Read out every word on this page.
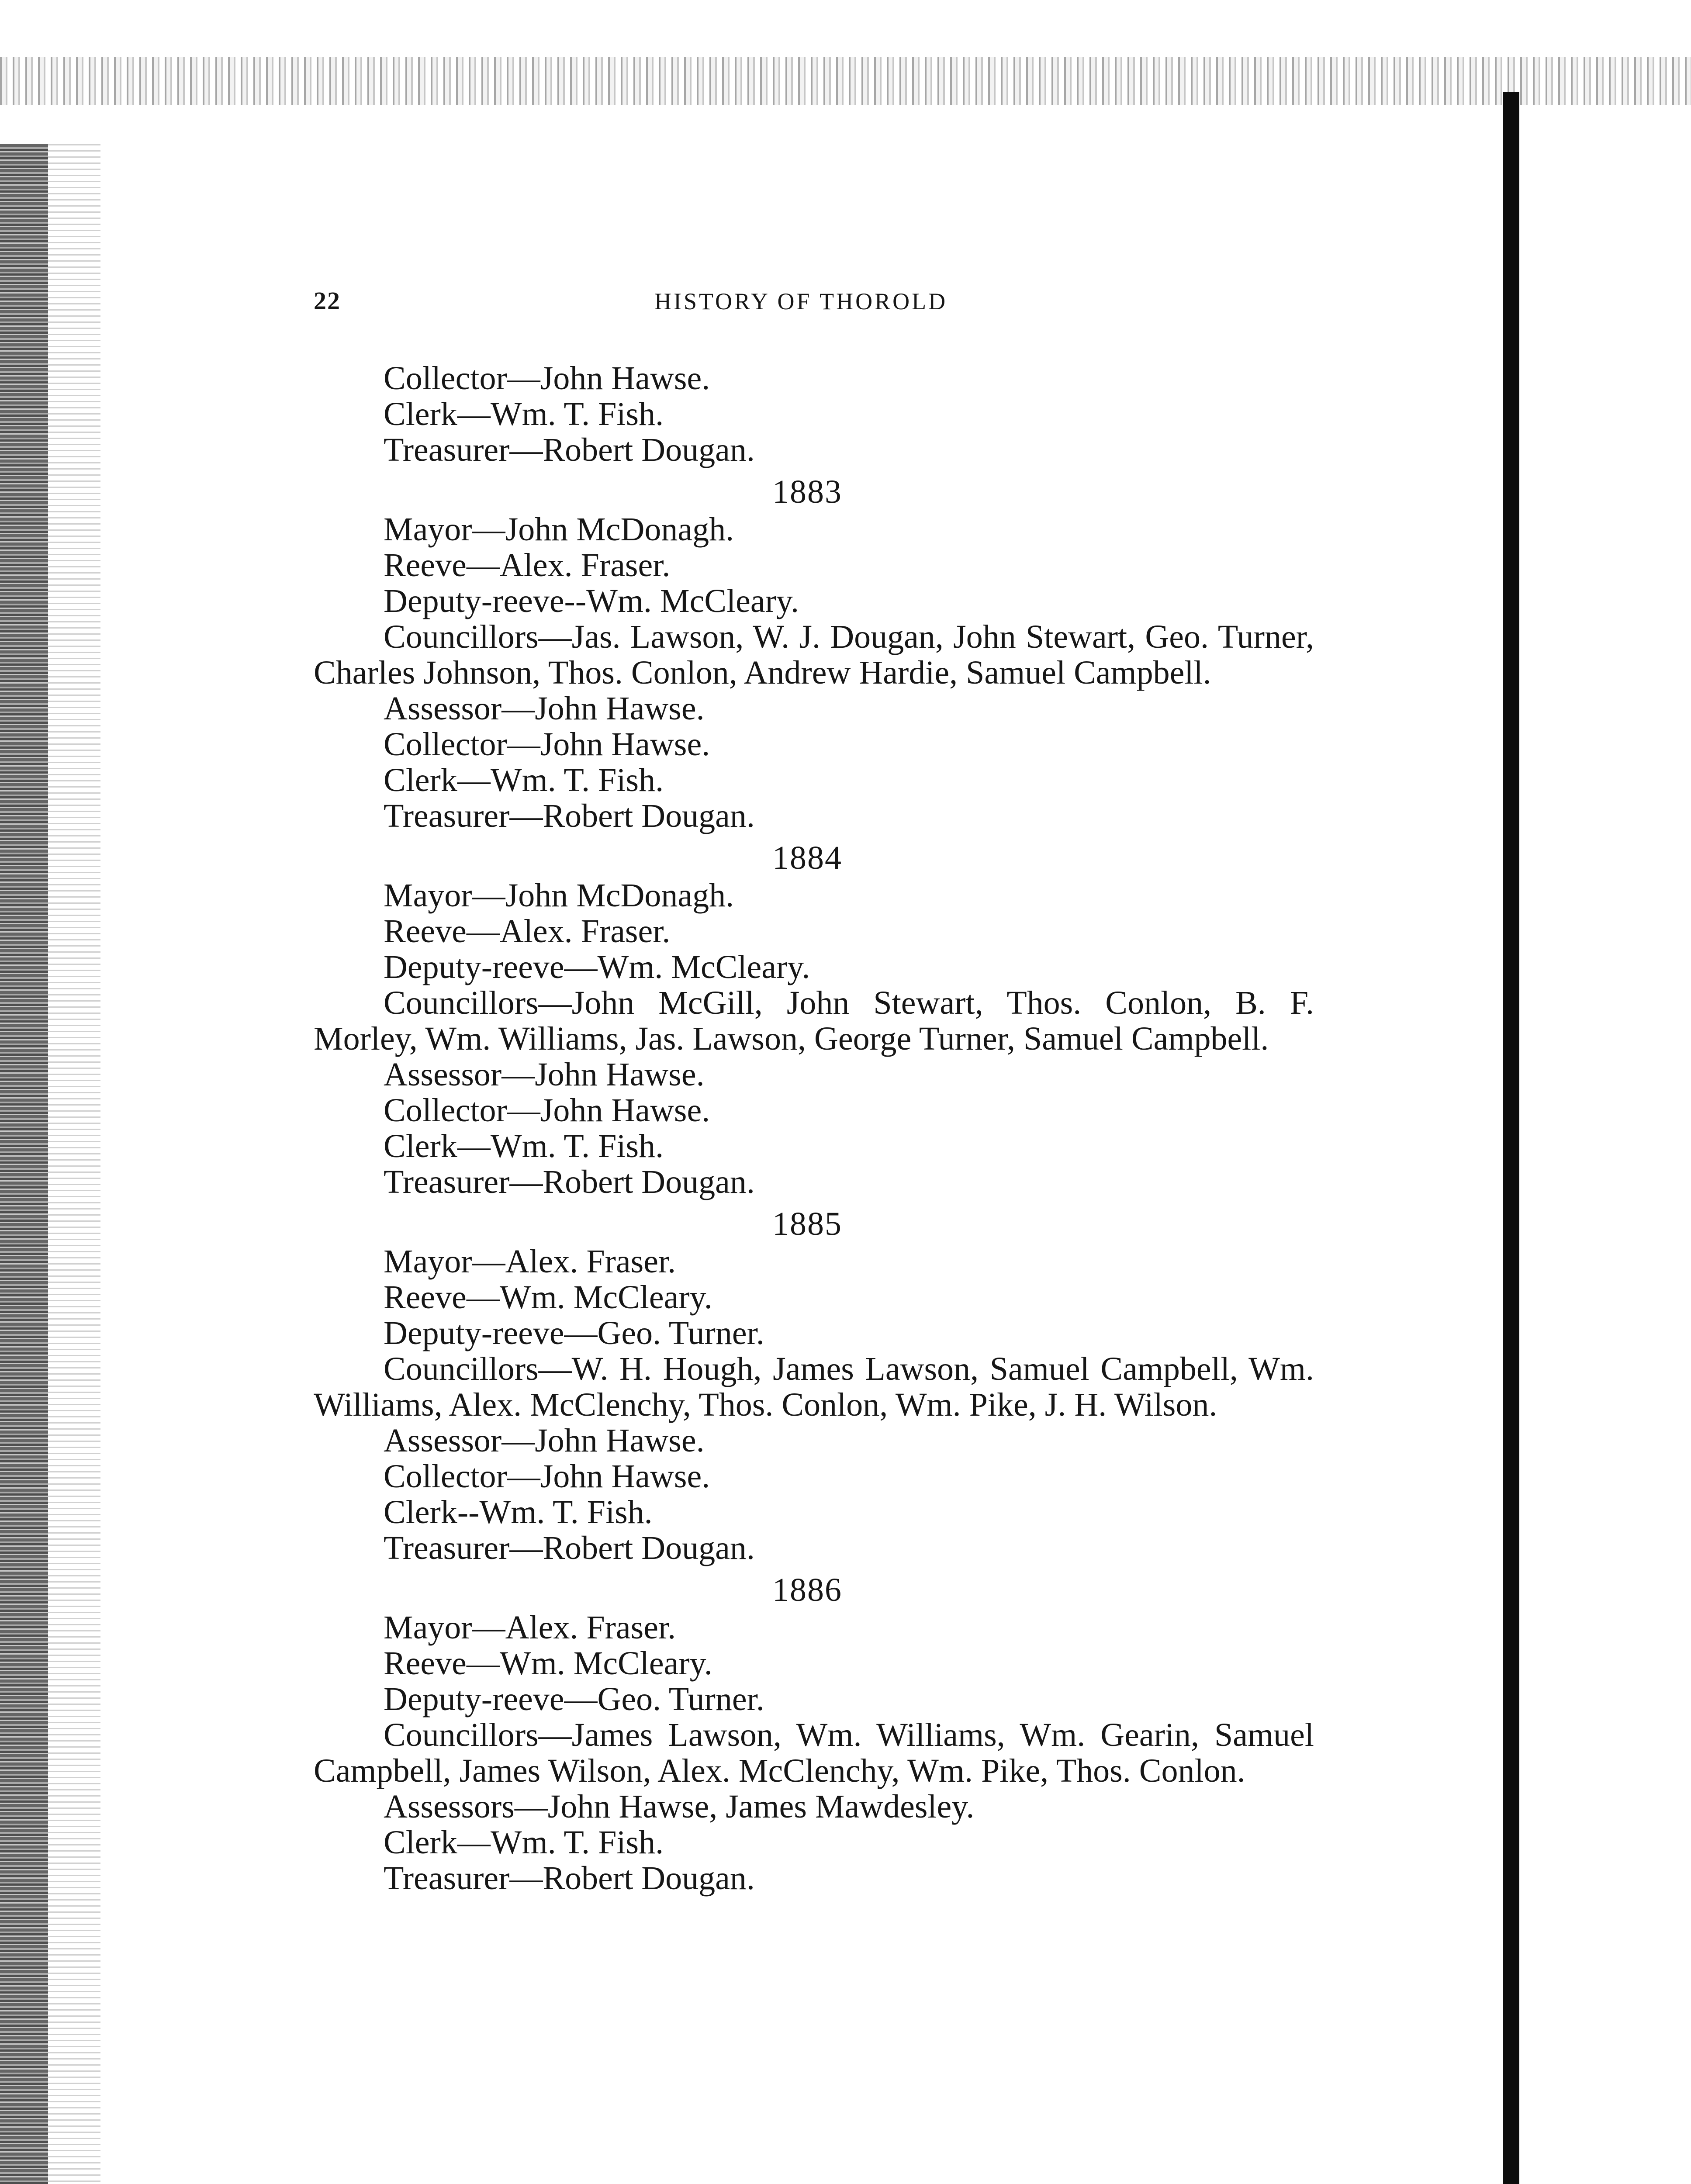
22	HISTORY OF THOROLD
Collector—John Hawse.
Clerk—Wm. T. Fish.
Treasurer—Robert Dougan.
1883
Mayor—John McDonagh.
Reeve—Alex. Fraser.
Deputy-reeve--Wm. McCleary.
Councillors—Jas. Lawson, W. J. Dougan, John Stewart, Geo. Turner, Charles Johnson, Thos. Conlon, Andrew Hardie, Samuel Campbell.
Assessor—John Hawse.
Collector—John Hawse.
Clerk—Wm. T. Fish.
Treasurer—Robert Dougan.
1884
Mayor—John McDonagh.
Reeve—Alex. Fraser.
Deputy-reeve—Wm. McCleary.
Councillors—John McGill, John Stewart, Thos. Conlon, B. F. Morley, Wm. Williams, Jas. Lawson, George Turner, Samuel Campbell.
Assessor—John Hawse.
Collector—John Hawse.
Clerk—Wm. T. Fish.
Treasurer—Robert Dougan.
1885
Mayor—Alex. Fraser.
Reeve—Wm. McCleary.
Deputy-reeve—Geo. Turner.
Councillors—W. H. Hough, James Lawson, Samuel Campbell, Wm. Williams, Alex. McClenchy, Thos. Conlon, Wm. Pike, J. H. Wilson.
Assessor—John Hawse.
Collector—John Hawse.
Clerk--Wm. T. Fish.
Treasurer—Robert Dougan.
1886
Mayor—Alex. Fraser.
Reeve—Wm. McCleary.
Deputy-reeve—Geo. Turner.
Councillors—James Lawson, Wm. Williams, Wm. Gearin, Samuel Campbell, James Wilson, Alex. McClenchy, Wm. Pike, Thos. Conlon.
Assessors—John Hawse, James Mawdesley.
Clerk—Wm. T. Fish.
Treasurer—Robert Dougan.
